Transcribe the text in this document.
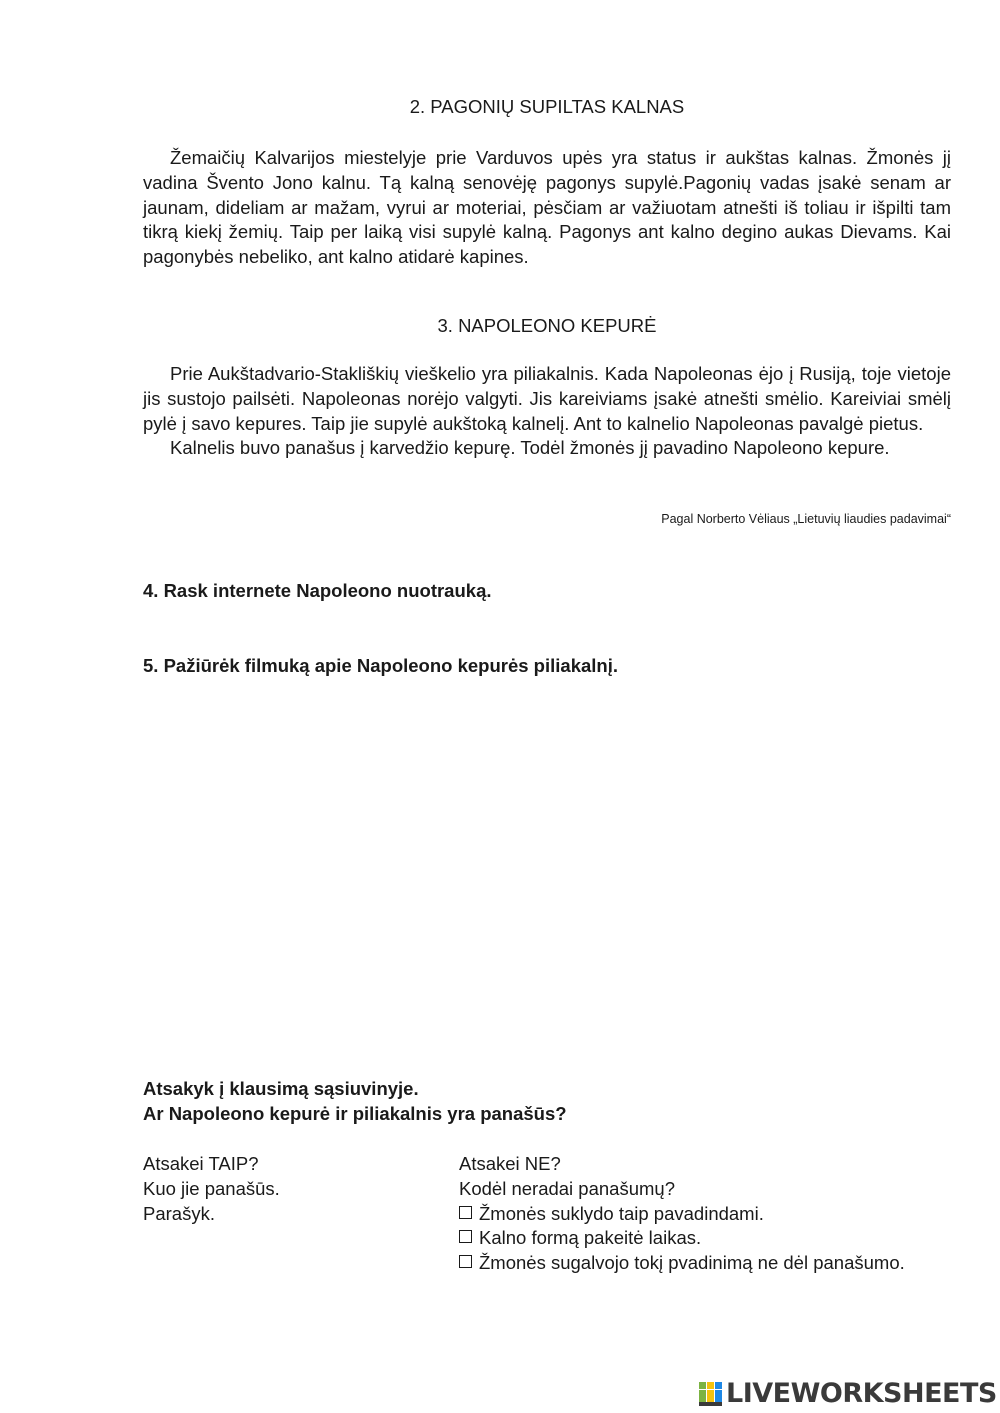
2. PAGONIŲ SUPILTAS KALNAS

Žemaičių Kalvarijos miestelyje prie Varduvos upės yra status ir aukštas kalnas. Žmonės jį vadina Švento Jono kalnu. Tą kalną senovėję pagonys supylė.Pagonių vadas įsakė senam ar jaunam, dideliam ar mažam, vyrui ar moteriai, pėsčiam ar važiuotam atnešti iš toliau ir išpilti tam tikrą kiekį žemių. Taip per laiką visi supylė kalną. Pagonys ant kalno degino aukas Dievams. Kai pagonybės nebeliko, ant kalno atidarė kapines.

3. NAPOLEONO KEPURĖ

Prie Aukštadvario-Stakliškių vieškelio yra piliakalnis. Kada Napoleonas ėjo į Rusiją, toje vietoje jis sustojo pailsėti. Napoleonas norėjo valgyti. Jis kareiviams įsakė atnešti smėlio. Kareiviai smėlį pylė į savo kepures. Taip jie supylė aukštoką kalnelį. Ant to kalnelio Napoleonas pavalgė pietus.

Kalnelis buvo panašus į karvedžio kepurę. Todėl žmonės jį pavadino Napoleono kepure.

Pagal Norberto Vėliaus „Lietuvių liaudies padavimai“
4. Rask internete Napoleono nuotrauką.
5. Pažiūrėk filmuką apie Napoleono kepurės piliakalnį.
Atsakyk į klausimą sąsiuvinyje.
Ar Napoleono kepurė ir piliakalnis yra panašūs?
Atsakei TAIP?
Kuo jie panašūs.
Parašyk.
Atsakei NE?
Kodėl neradai panašumų?
Žmonės suklydo taip pavadindami.
Kalno formą pakeitė laikas.
Žmonės sugalvojo tokį pvadinimą ne dėl panašumo.
LIVEWORKSHEETS
